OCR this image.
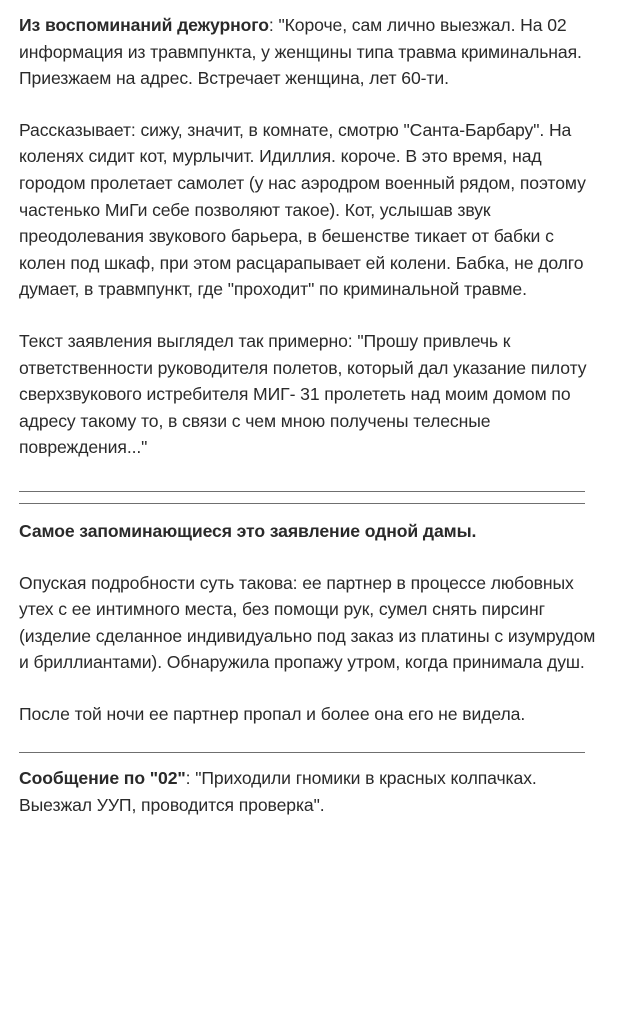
Из воспоминаний дежурного: "Короче, сам лично выезжал. На 02 информация из травмпункта, у женщины типа травма криминальная. Приезжаем на адрес. Встречает женщина, лет 60-ти.

Рассказывает: сижу, значит, в комнате, смотрю "Санта-Барбару". На коленях сидит кот, мурлычит. Идиллия. короче. В это время, над городом пролетает самолет (у нас аэродром военный рядом, поэтому частенько МиГи себе позволяют такое). Кот, услышав звук преодолевания звукового барьера, в бешенстве тикает от бабки с колен под шкаф, при этом расцарапывает ей колени. Бабка, не долго думает, в травмпункт, где "проходит" по криминальной травме.

Текст заявления выглядел так примерно: "Прошу привлечь к ответственности руководителя полетов, который дал указание пилоту сверхзвукового истребителя МИГ- 31 пролететь над моим домом по адресу такому то, в связи с чем мною получены телесные повреждения..."

Самое запоминающиеся это заявление одной дамы.

Опуская подробности суть такова: ее партнер в процессе любовных утех с ее интимного места, без помощи рук, сумел снять пирсинг (изделие сделанное индивидуально под заказ из платины с изумрудом и бриллиантами). Обнаружила пропажу утром, когда принимала душ.

После той ночи ее партнер пропал и более она его не видела.

Сообщение по "02": "Приходили гномики в красных колпачках. Выезжал УУП, проводится проверка".
